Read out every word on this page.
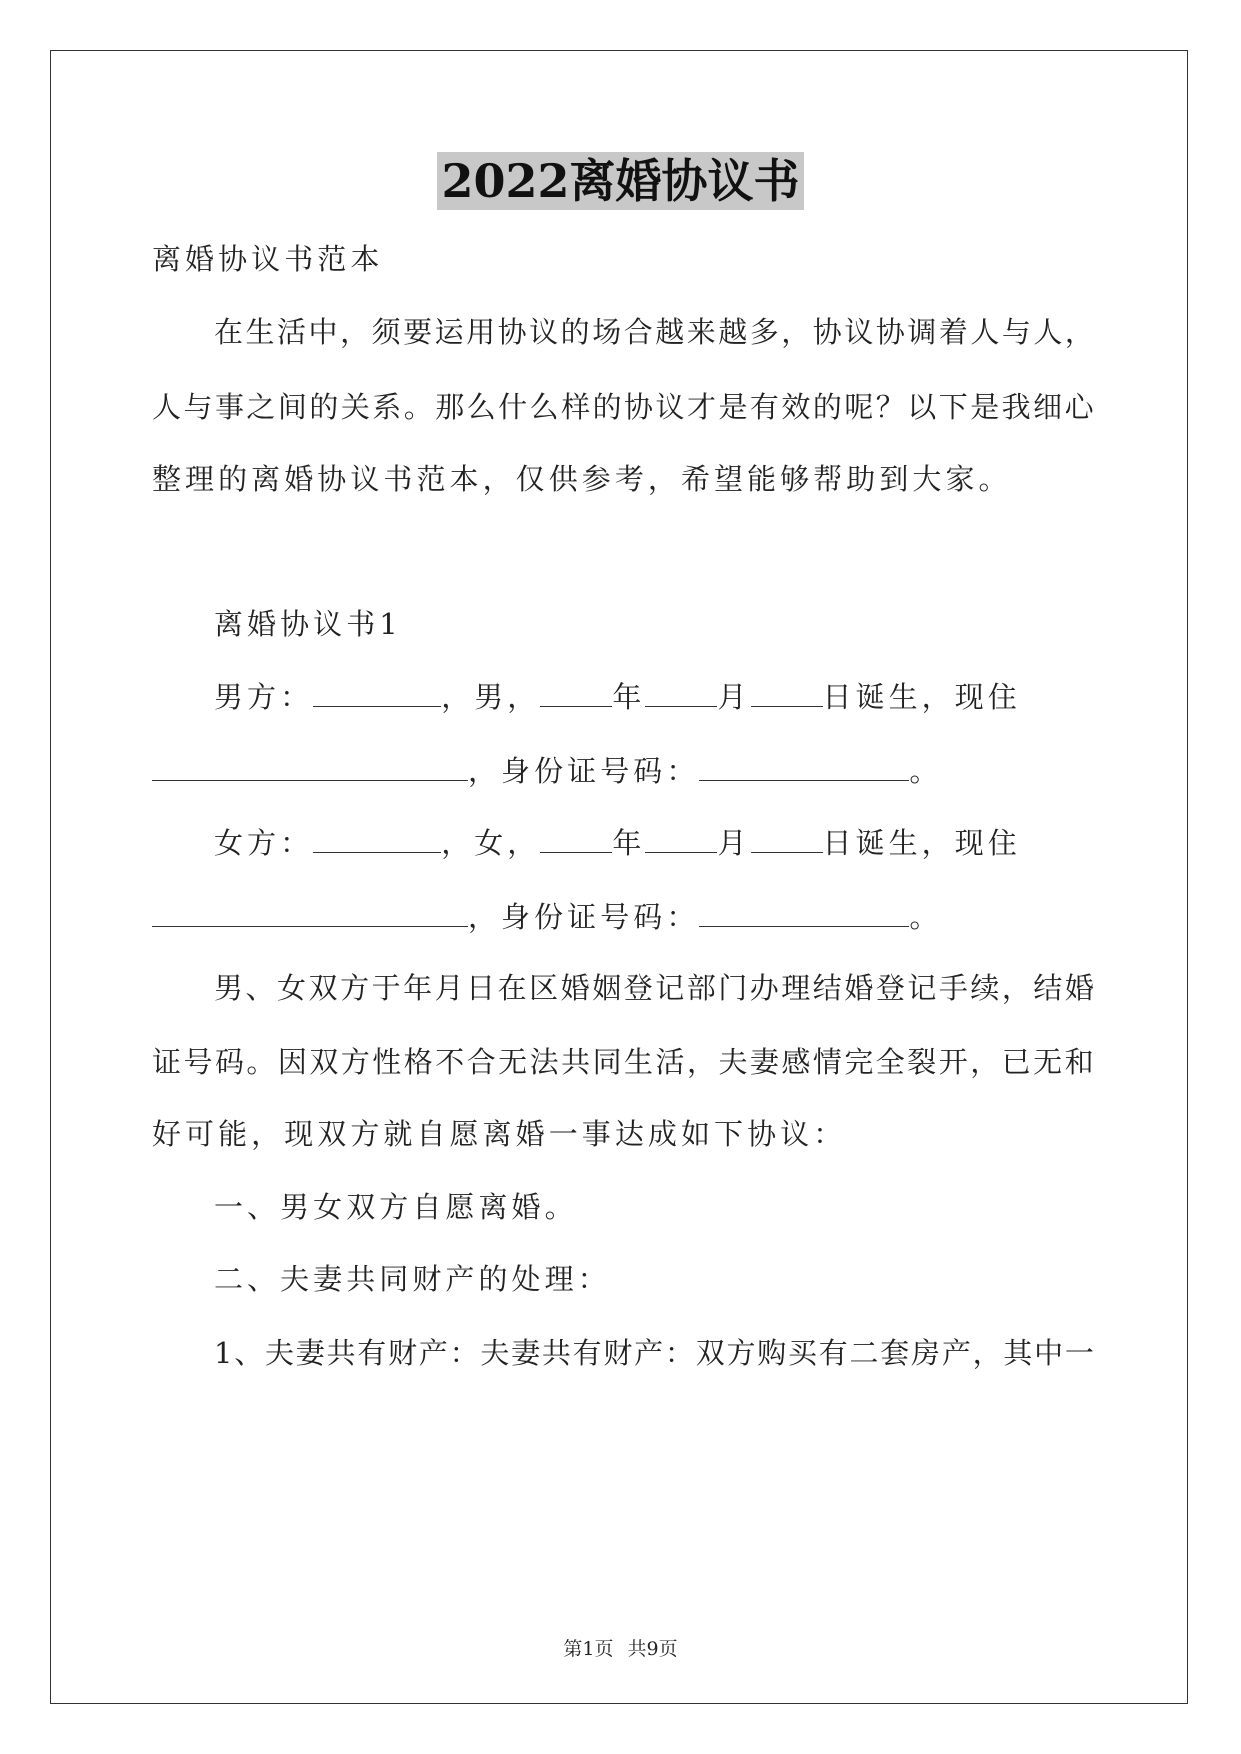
2022离婚协议书
离婚协议书范本
在 生 活 中 ， 须 要 运 用 协 议 的 场 合 越 来 越 多 ， 协 议 协 调 着 人 与 人 ，
人 与 事 之 间 的 关 系 。 那 么 什 么 样 的 协 议 才 是 有 效 的 呢 ？ 以 下 是 我 细 心
整理的离婚协议书范本，仅供参考，希望能够帮助到大家。
离婚协议书1
男方：	，男， 年 月 日诞生，现住
，身份证号码：	。
女方：	，女， 年 月 日诞生，现住
，身份证号码：	。
男 、 女 双 方 于 年 月 日 在 区 婚 姻 登 记 部 门 办 理 结 婚 登 记 手 续 ， 结 婚
证 号 码 。 因 双 方 性 格 不 合 无 法 共 同 生 活 ， 夫 妻 感 情 完 全 裂 开 ， 已 无 和
好可能，现双方就自愿离婚一事达成如下协议：
一、男女双方自愿离婚。
二、夫妻共同财产的处理：
1 、 夫 妻 共 有 财 产 ： 夫 妻 共 有 财 产 ： 双 方 购 买 有 二 套 房 产 ， 其 中 一
第1页 共9页
